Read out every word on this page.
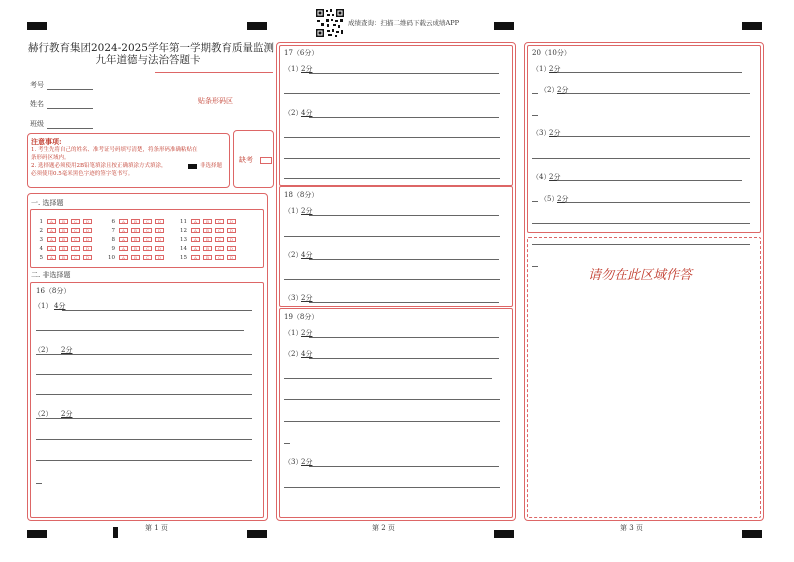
成绩查询：扫描二维码下载云成绩APP
赫行教育集团2024-2025学年第一学期教育质量监测
九年道德与法治答题卡
考号
姓名
班级
贴条形码区
注意事项:
1. 考生先将自己的姓名、准考证号码填写清楚，将条形码准确粘贴在
条形码区域内。
2. 选择题必须使用2B铅笔填涂且按正确填涂方式填涂，	非选择题
必须使用0.5毫米黑色字迹的签字笔书写。
缺考
一. 选择题
1	A	B	C	D
2	A	B	C	D
3	A	B	C	D
4	A	B	C	D
5	A	B	C	D
6	A	B	C	D
7	A	B	C	D
8	A	B	C	D
9	A	B	C	D
10	A	B	C	D
11	A	B	C	D
12	A	B	C	D
13	A	B	C	D
14	A	B	C	D
15	A	B	C	D
二. 非选择题
16（8分）
（1） 4分
（2） 2分
（2） 2分
第 1 页
17（6分）
（1）
2分
（2）
4分
18（8分）
（1）
2分
（2）
4分
（3）
2分
19（8分）
（1）
2分
（2）
4分
（3）
2分
第 2 页
20（10分）
（1）
2分
（2）
2分
（3）
2分
（4）
2分
（5）
2分
请勿在此区域作答
第 3 页
